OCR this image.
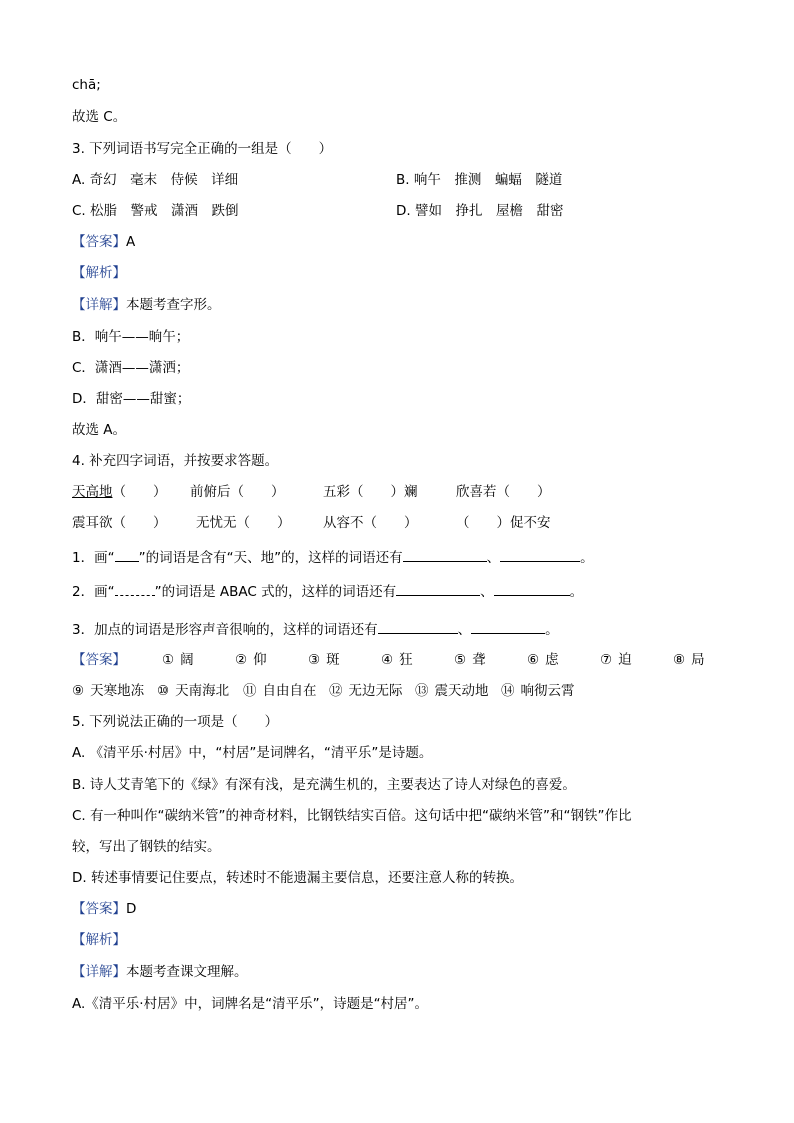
chā;
故选 C。
3. 下列词语书写完全正确的一组是（　　）
A. 奇幻　毫末　侍候　详细	B. 响午　推测　蝙蝠　隧道
C. 松脂　警戒　潇酒　跌倒	D. 譬如　挣扎　屋檐　甜密
【答案】A
【解析】
【详解】本题考查字形。
B．响午——晌午；
C．潇酒——潇洒；
D．甜密——甜蜜；
故选 A。
4. 补充四字词语，并按要求答题。
天高地（　　） 前俯后（　　）	五彩（　　）斓	欣喜若（　　）
震耳欲（　　） 无忧无（　　） 从容不（　　）	（　　）促不安
1．画“ ”的词语是含有“天、地”的，这样的词语还有	、	。
2．画“	”的词语是 ABAC 式的，这样的词语还有	、	。
3．加点的词语是形容声音很响的，这样的词语还有	、	。
【答案】	① 阔	② 仰	③ 斑	④ 狂	⑤ 聋	⑥ 虑	⑦ 迫	⑧ 局
⑨ 天寒地冻 ⑩ 天南海北 ⑪ 自由自在 ⑫ 无边无际 ⑬ 震天动地 ⑭ 响彻云霄
5. 下列说法正确的一项是（　　）
A. 《清平乐·村居》中，“村居”是词牌名，“清平乐”是诗题。
B. 诗人艾青笔下的《绿》有深有浅，是充满生机的，主要表达了诗人对绿色的喜爱。
C. 有一种叫作“碳纳米管”的神奇材料，比钢铁结实百倍。这句话中把“碳纳米管”和“钢铁”作比
较，写出了钢铁的结实。
D. 转述事情要记住要点，转述时不能遗漏主要信息，还要注意人称的转换。
【答案】D
【解析】
【详解】本题考查课文理解。
A.《清平乐·村居》中，词牌名是“清平乐”，诗题是“村居”。
